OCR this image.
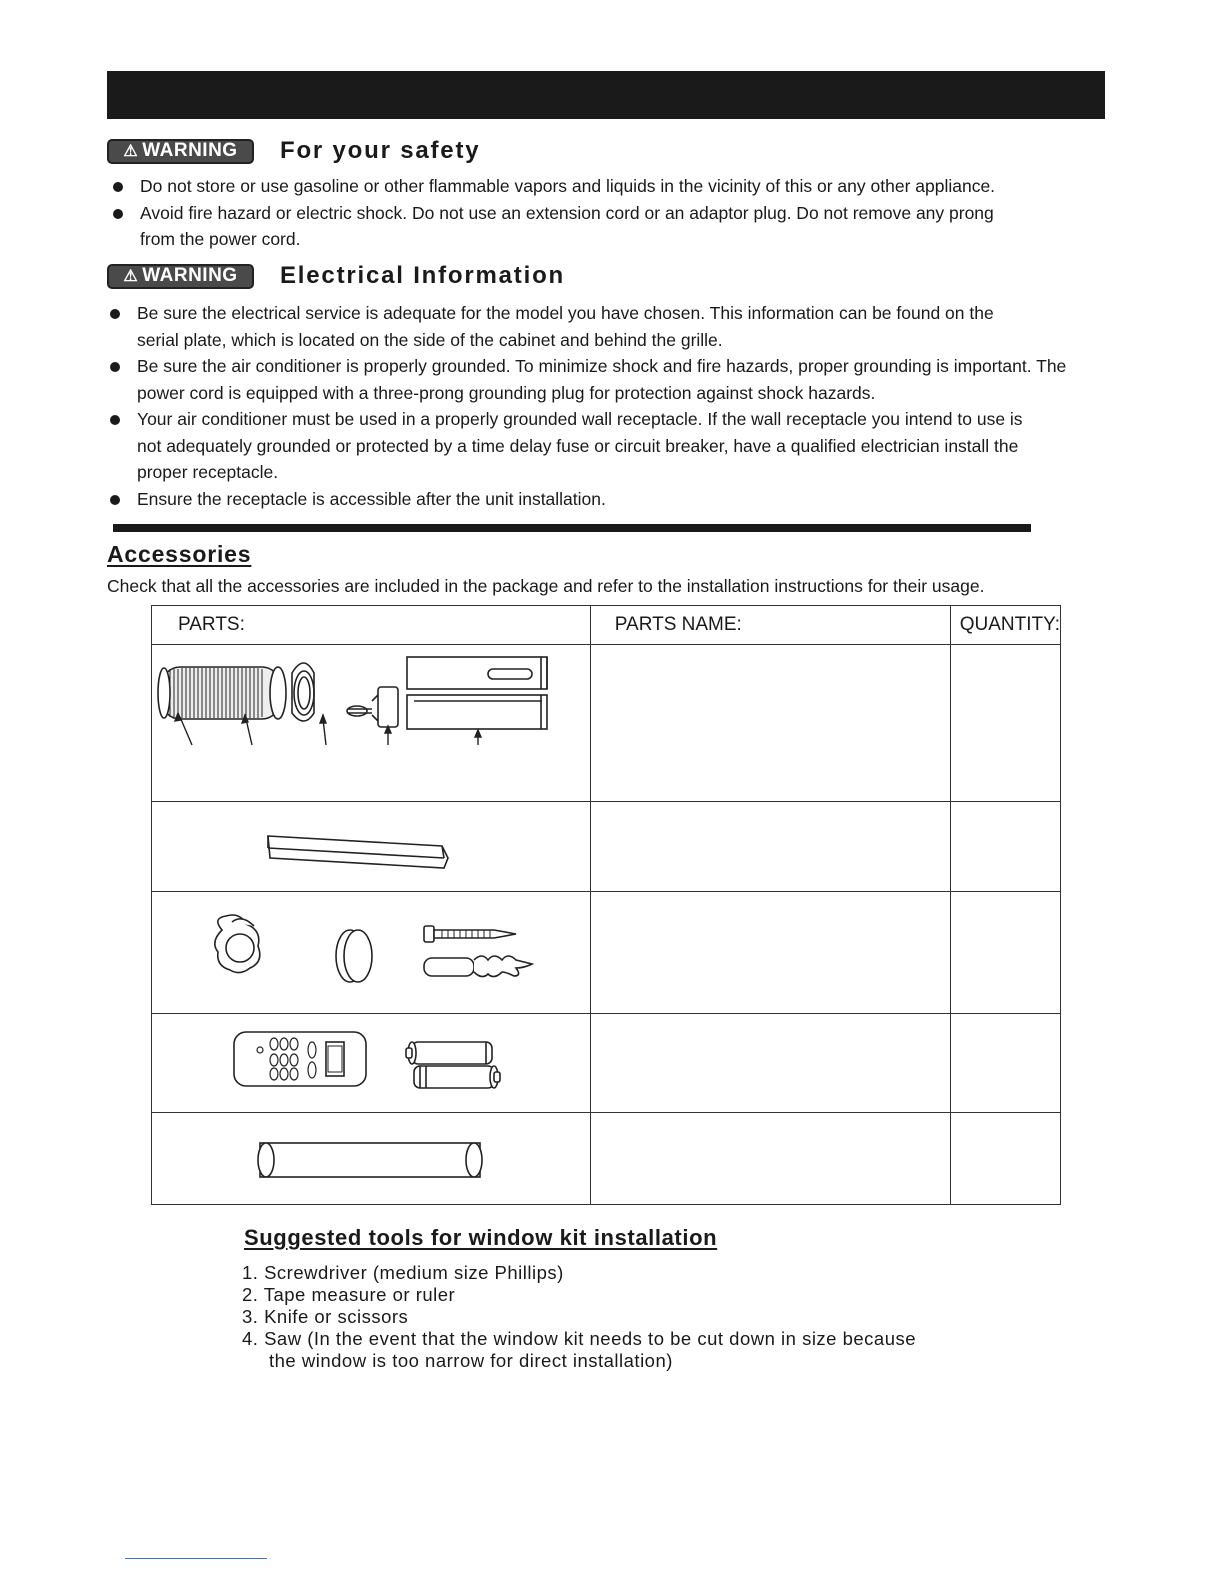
⚠ WARNING For your safety
Do not store or use gasoline or other flammable vapors and liquids in the vicinity of this or any other appliance.
Avoid fire hazard or electric shock. Do not use an extension cord or an adaptor plug. Do not remove any prong from the power cord.
⚠ WARNING Electrical Information
Be sure the electrical service is adequate for the model you have chosen. This information can be found on the serial plate, which is located on the side of the cabinet and behind the grille.
Be sure the air conditioner is properly grounded. To minimize shock and fire hazards, proper grounding is important. The power cord is equipped with a three-prong grounding plug for protection against shock hazards.
Your air conditioner must be used in a properly grounded wall receptacle. If the wall receptacle you intend to use is not adequately grounded or protected by a time delay fuse or circuit breaker, have a qualified electrician install the proper receptacle.
Ensure the receptacle is accessible after the unit installation.
Accessories
Check that all the accessories are included in the package and refer to the installation instructions for their usage.
PARTS:	PARTS NAME:	QUANTITY:

Suggested tools for window kit installation
1. Screwdriver (medium size Phillips)
2. Tape measure or ruler
3. Knife or scissors
4. Saw (In the event that the window kit needs to be cut down in size because
the window is too narrow for direct installation)
